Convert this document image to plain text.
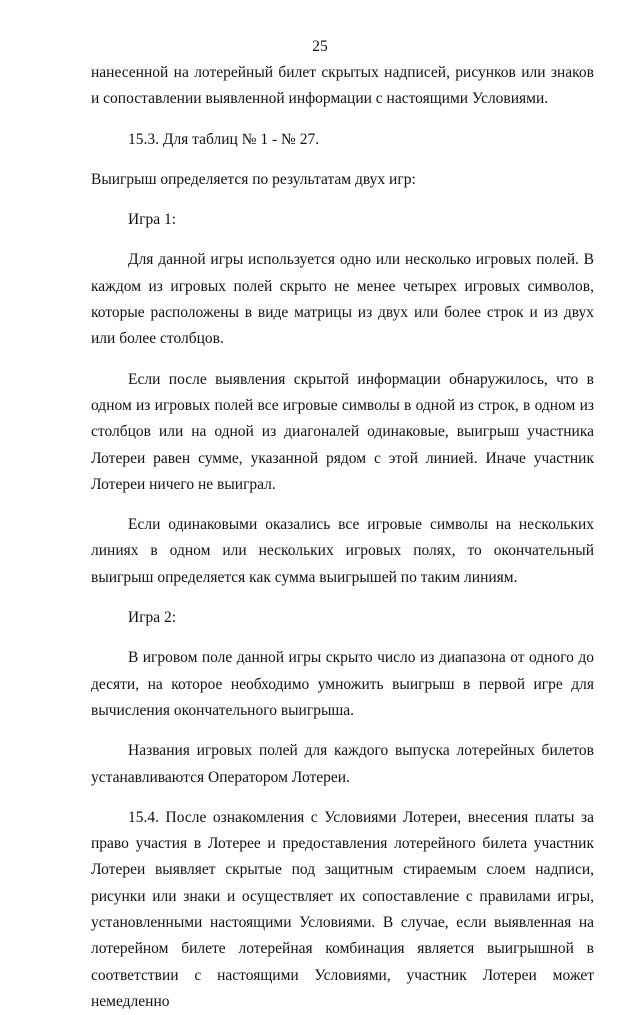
25

нанесенной на лотерейный билет скрытых надписей, рисунков или знаков и сопоставлении выявленной информации с настоящими Условиями.

15.3. Для таблиц № 1 - № 27.

Выигрыш определяется по результатам двух игр:

Игра 1:

Для данной игры используется одно или несколько игровых полей. В каждом из игровых полей скрыто не менее четырех игровых символов, которые расположены в виде матрицы из двух или более строк и из двух или более столбцов.

Если после выявления скрытой информации обнаружилось, что в одном из игровых полей все игровые символы в одной из строк, в одном из столбцов или на одной из диагоналей одинаковые, выигрыш участника Лотереи равен сумме, указанной рядом с этой линией. Иначе участник Лотереи ничего не выиграл.

Если одинаковыми оказались все игровые символы на нескольких линиях в одном или нескольких игровых полях, то окончательный выигрыш определяется как сумма выигрышей по таким линиям.

Игра 2:

В игровом поле данной игры скрыто число из диапазона от одного до десяти, на которое необходимо умножить выигрыш в первой игре для вычисления окончательного выигрыша.

Названия игровых полей для каждого выпуска лотерейных билетов устанавливаются Оператором Лотереи.

15.4. После ознакомления с Условиями Лотереи, внесения платы за право участия в Лотерее и предоставления лотерейного билета участник Лотереи выявляет скрытые под защитным стираемым слоем надписи, рисунки или знаки и осуществляет их сопоставление с правилами игры, установленными настоящими Условиями. В случае, если выявленная на лотерейном билете лотерейная комбинация является выигрышной в соответствии с настоящими Условиями, участник Лотереи может немедленно
